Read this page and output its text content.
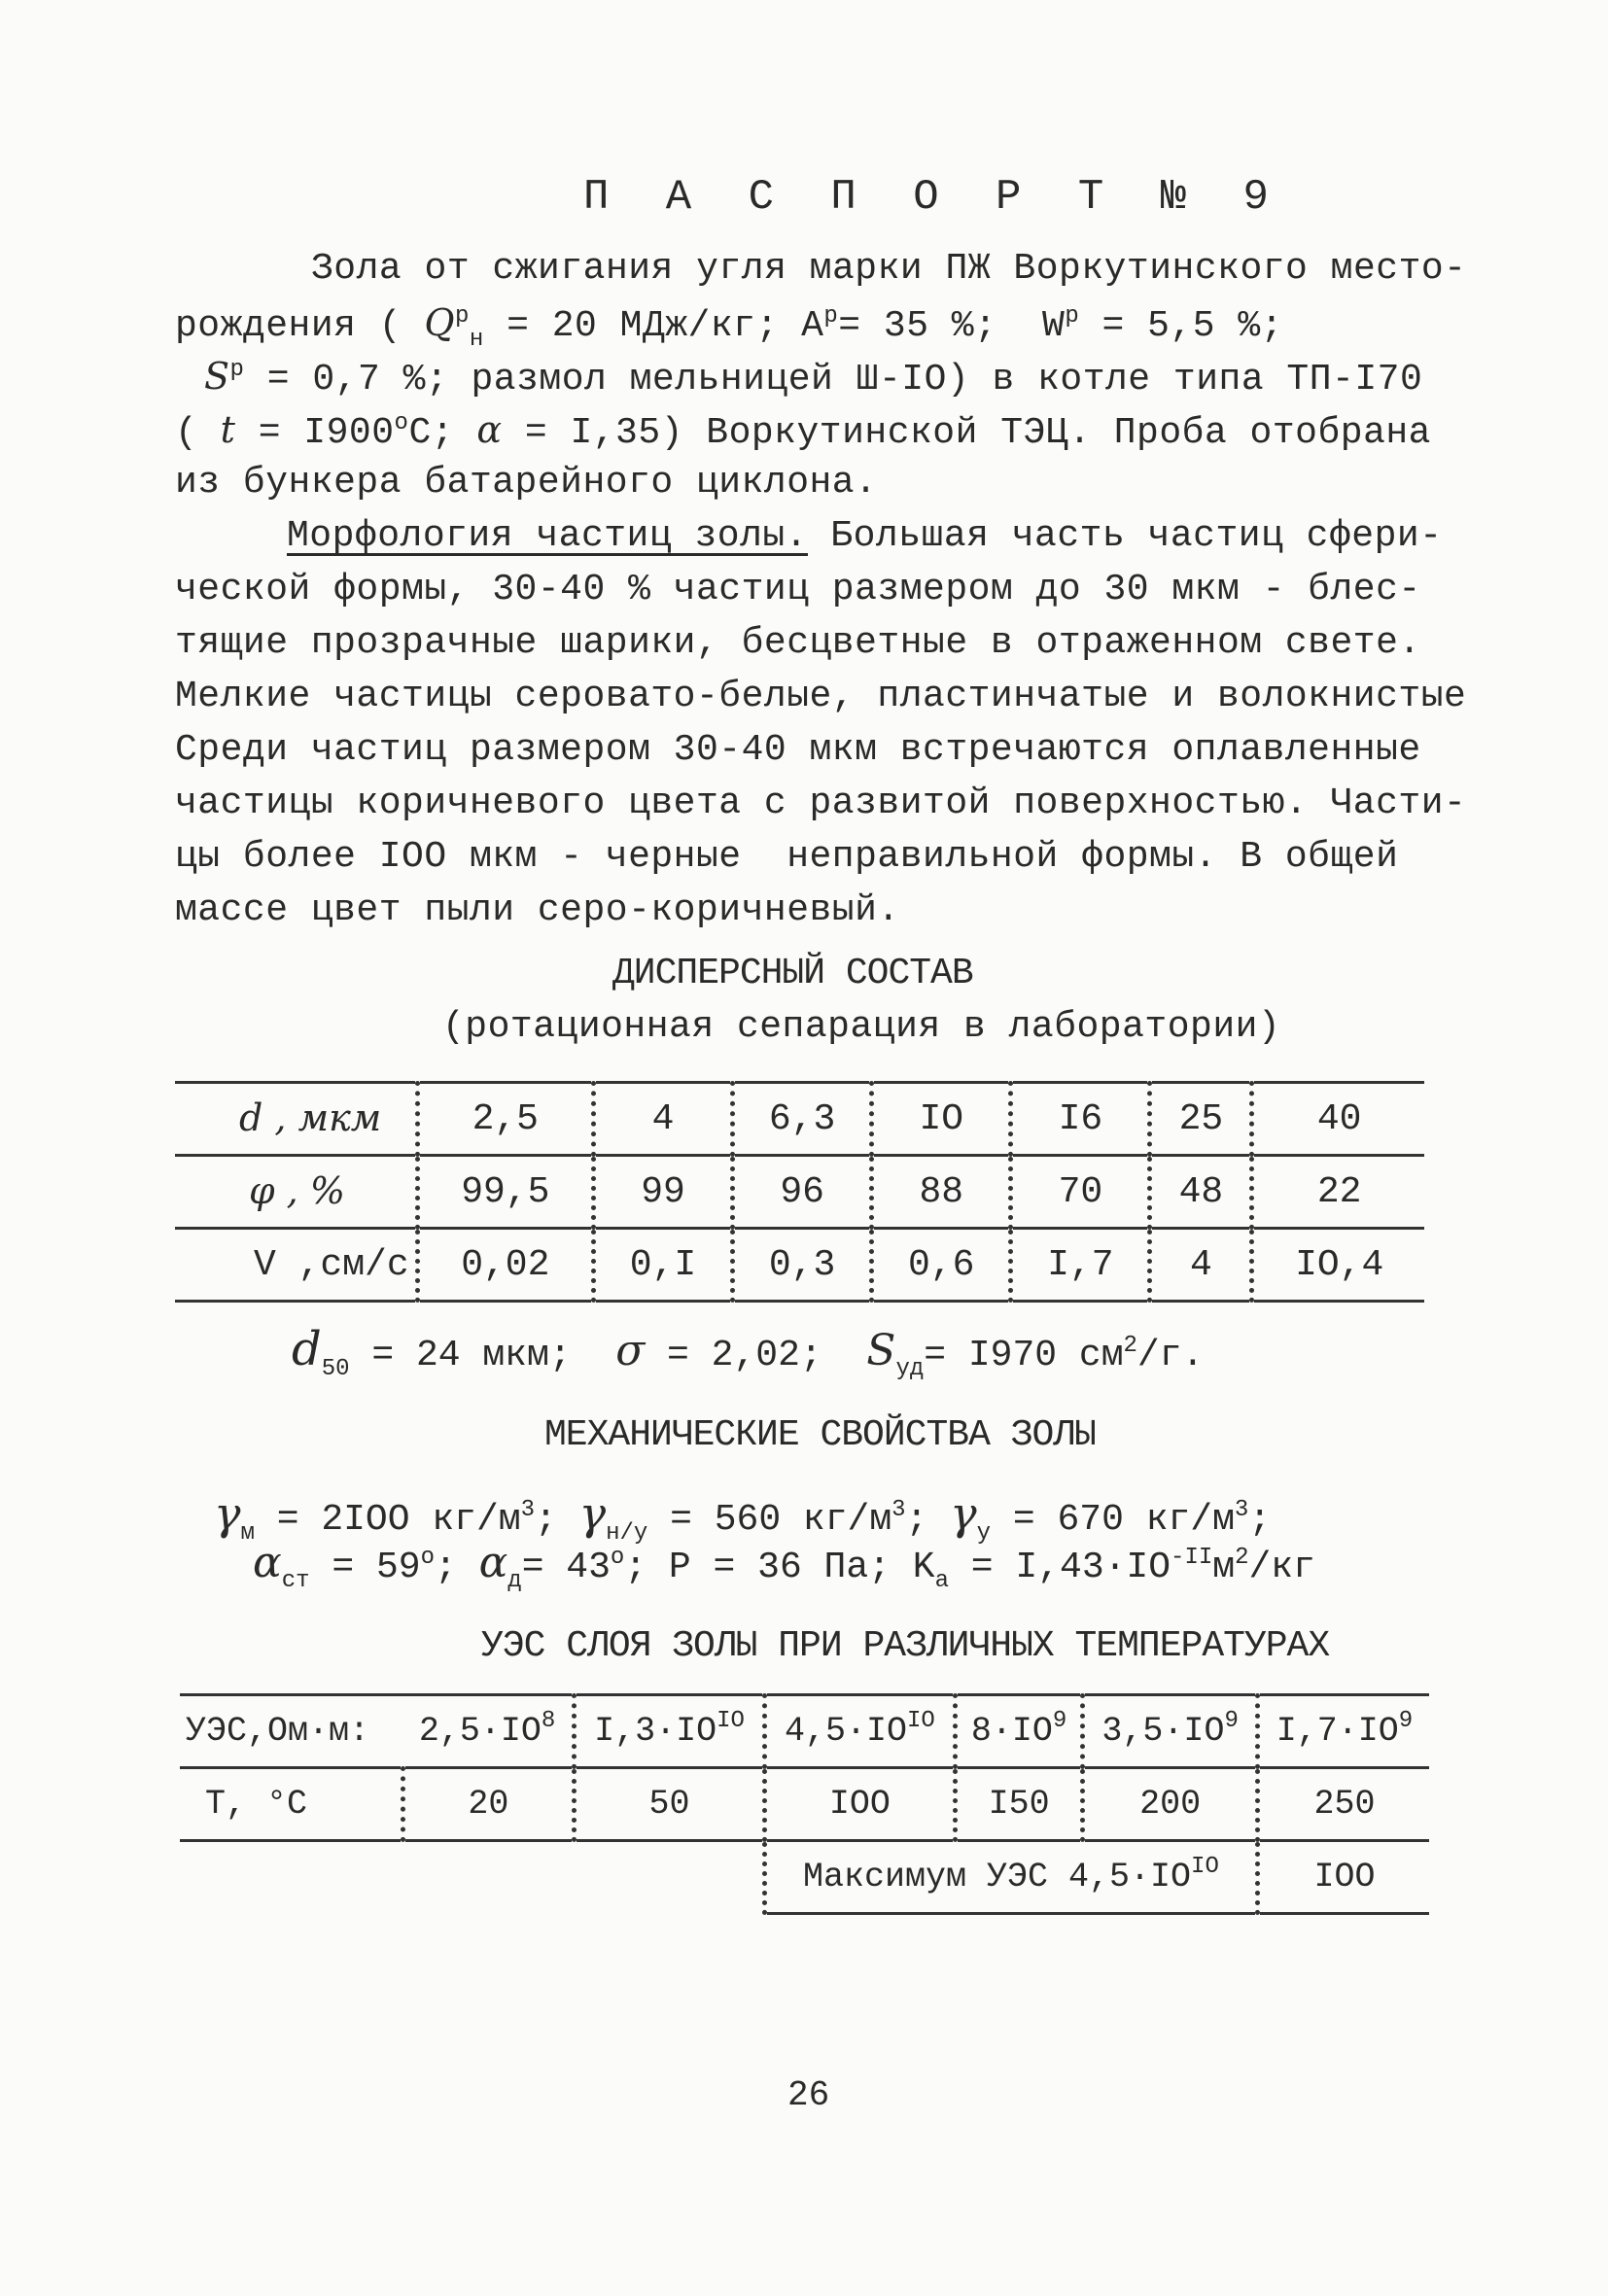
П А С П О Р Т № 9
Зола от сжигания угля марки ПЖ Воркутинского место-
рождения ( $Q^р_н = 20$ МДж/кг; $А^р= 35$ %;  $W^р = 5,5$ %;
$S^р = 0,7$ %; размол мельницей Ш-IO) в котле типа ТП-I70
( $t = I900^oC$; α = I,35) Воркутинской ТЭЦ. Проба отобрана
из бункера батарейного циклона.
Морфология частиц золы. Большая часть частиц сфери-
ческой формы, 30-40 % частиц размером до 30 мкм - блес-
тящие прозрачные шарики, бесцветные в отраженном свете.
Мелкие частицы серовато-белые, пластинчатые и волокнистые
Среди частиц размером 30-40 мкм встречаются оплавленные
частицы коричневого цвета с развитой поверхностью. Части-
цы более IOO мкм - черные  неправильной формы. В общей
массе цвет пыли серо-коричневый.
ДИСПЕРСНЫЙ СОСТАВ
(ротационная сепарация в лаборатории)
d , мкм	2,5	4	6,3	IO	I6	25	40
φ , %	99,5	99	96	88	70	48	22
V ,см/с	0,02	0,I	0,3	0,6	I,7	4	IO,4
$d_{50} = 24$ мкм;  σ = 2,02;  $S_{уд}= I970$ $см^2/г$.
МЕХАНИЧЕСКИЕ СВОЙСТВА ЗОЛЫ
$\gamma_м = 2IOO$ $кг/м^3$; $\gamma_{н/у} = 560$ $кг/м^3$; $\gamma_у = 670$ $кг/м^3$;
$\alpha_{ст} = 59^o$; $\alpha_д= 43^o$; P = 36 Па; $K_а = I,43\cdot IO^{-II}м^2/кг$
УЭС СЛОЯ ЗОЛЫ ПРИ РАЗЛИЧНЫХ ТЕМПЕРАТУРАХ
УЭС,Ом·м:	$2,5\cdot IO^8$	$I,3\cdot IO^{IO}$	$4,5\cdot IO^{IO}$	$8\cdot IO^9$	$3,5\cdot IO^9$	$I,7\cdot IO^9$
T, °C	20	50	IOO	I50	200	250
			Максимум УЭС $4,5\cdot IO^{IO}$			IOO
26
